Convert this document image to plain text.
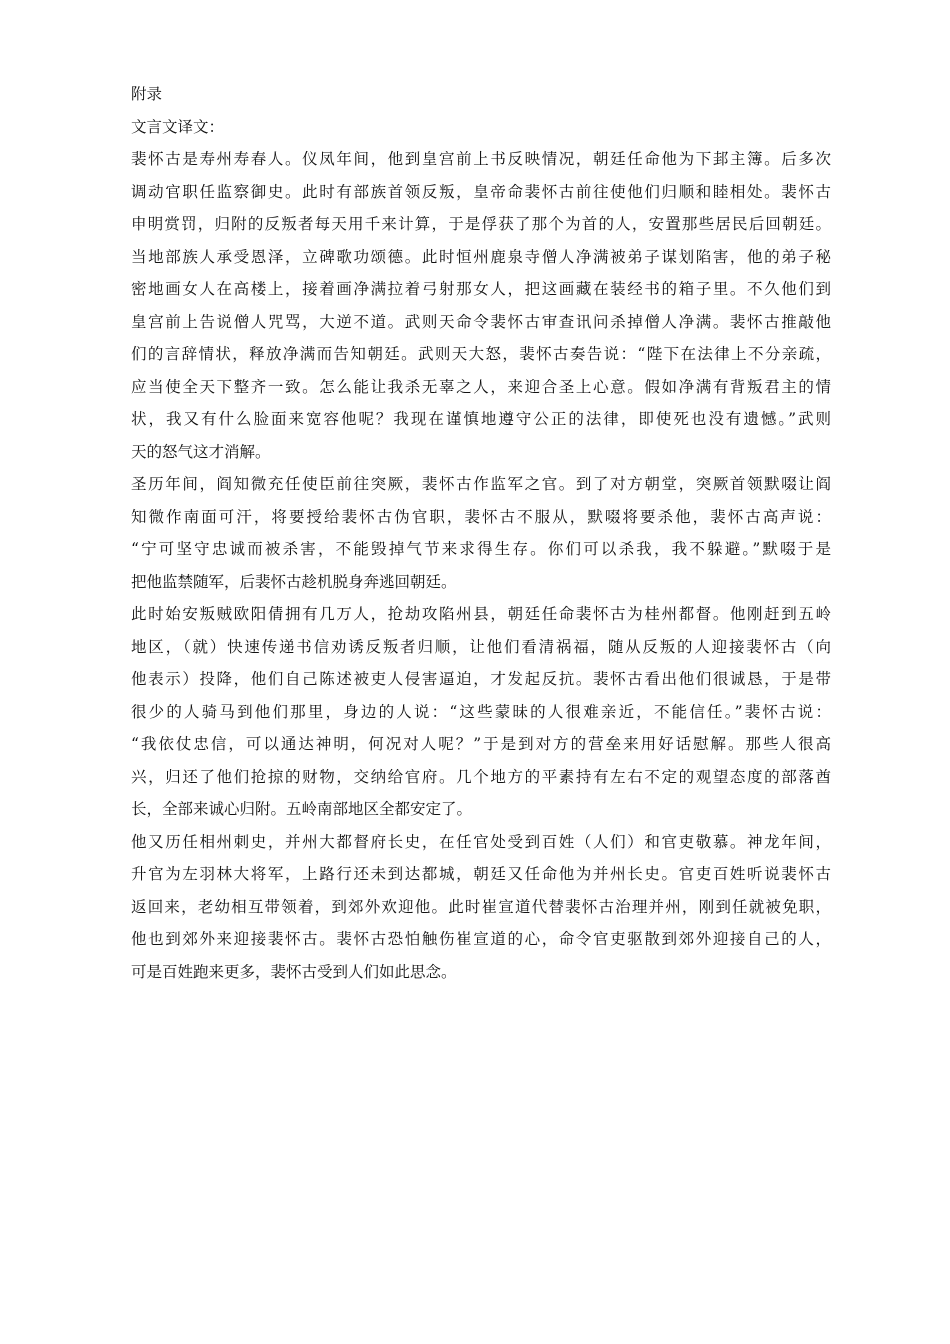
附录
文言文译文：
裴怀古是寿州寿春人。仪凤年间，他到皇宫前上书反映情况，朝廷任命他为下邽主簿。后多次
调动官职任监察御史。此时有部族首领反叛，皇帝命裴怀古前往使他们归顺和睦相处。裴怀古
申明赏罚，归附的反叛者每天用千来计算，于是俘获了那个为首的人，安置那些居民后回朝廷。
当地部族人承受恩泽，立碑歌功颂德。此时恒州鹿泉寺僧人净满被弟子谋划陷害，他的弟子秘
密地画女人在高楼上，接着画净满拉着弓射那女人，把这画藏在装经书的箱子里。不久他们到
皇宫前上告说僧人咒骂，大逆不道。武则天命令裴怀古审查讯问杀掉僧人净满。裴怀古推敲他
们的言辞情状，释放净满而告知朝廷。武则天大怒，裴怀古奏告说：“陛下在法律上不分亲疏，
应当使全天下整齐一致。怎么能让我杀无辜之人，来迎合圣上心意。假如净满有背叛君主的情
状，我又有什么脸面来宽容他呢？我现在谨慎地遵守公正的法律，即使死也没有遗憾。”武则
天的怒气这才消解。
圣历年间，阎知微充任使臣前往突厥，裴怀古作监军之官。到了对方朝堂，突厥首领默啜让阎
知微作南面可汗，将要授给裴怀古伪官职，裴怀古不服从，默啜将要杀他，裴怀古高声说：
“宁可坚守忠诚而被杀害，不能毁掉气节来求得生存。你们可以杀我，我不躲避。”默啜于是
把他监禁随军，后裴怀古趁机脱身奔逃回朝廷。
此时始安叛贼欧阳倩拥有几万人，抢劫攻陷州县，朝廷任命裴怀古为桂州都督。他刚赶到五岭
地区，（就）快速传递书信劝诱反叛者归顺，让他们看清祸福，随从反叛的人迎接裴怀古（向
他表示）投降，他们自己陈述被吏人侵害逼迫，才发起反抗。裴怀古看出他们很诚恳，于是带
很少的人骑马到他们那里，身边的人说：“这些蒙昧的人很难亲近，不能信任。”裴怀古说：
“我依仗忠信，可以通达神明，何况对人呢？”于是到对方的营垒来用好话慰解。那些人很高
兴，归还了他们抢掠的财物，交纳给官府。几个地方的平素持有左右不定的观望态度的部落酋
长，全部来诚心归附。五岭南部地区全都安定了。
他又历任相州刺史，并州大都督府长史，在任官处受到百姓（人们）和官吏敬慕。神龙年间，
升官为左羽林大将军，上路行还未到达都城，朝廷又任命他为并州长史。官吏百姓听说裴怀古
返回来，老幼相互带领着，到郊外欢迎他。此时崔宣道代替裴怀古治理并州，刚到任就被免职，
他也到郊外来迎接裴怀古。裴怀古恐怕触伤崔宣道的心，命令官吏驱散到郊外迎接自己的人，
可是百姓跑来更多，裴怀古受到人们如此思念。
